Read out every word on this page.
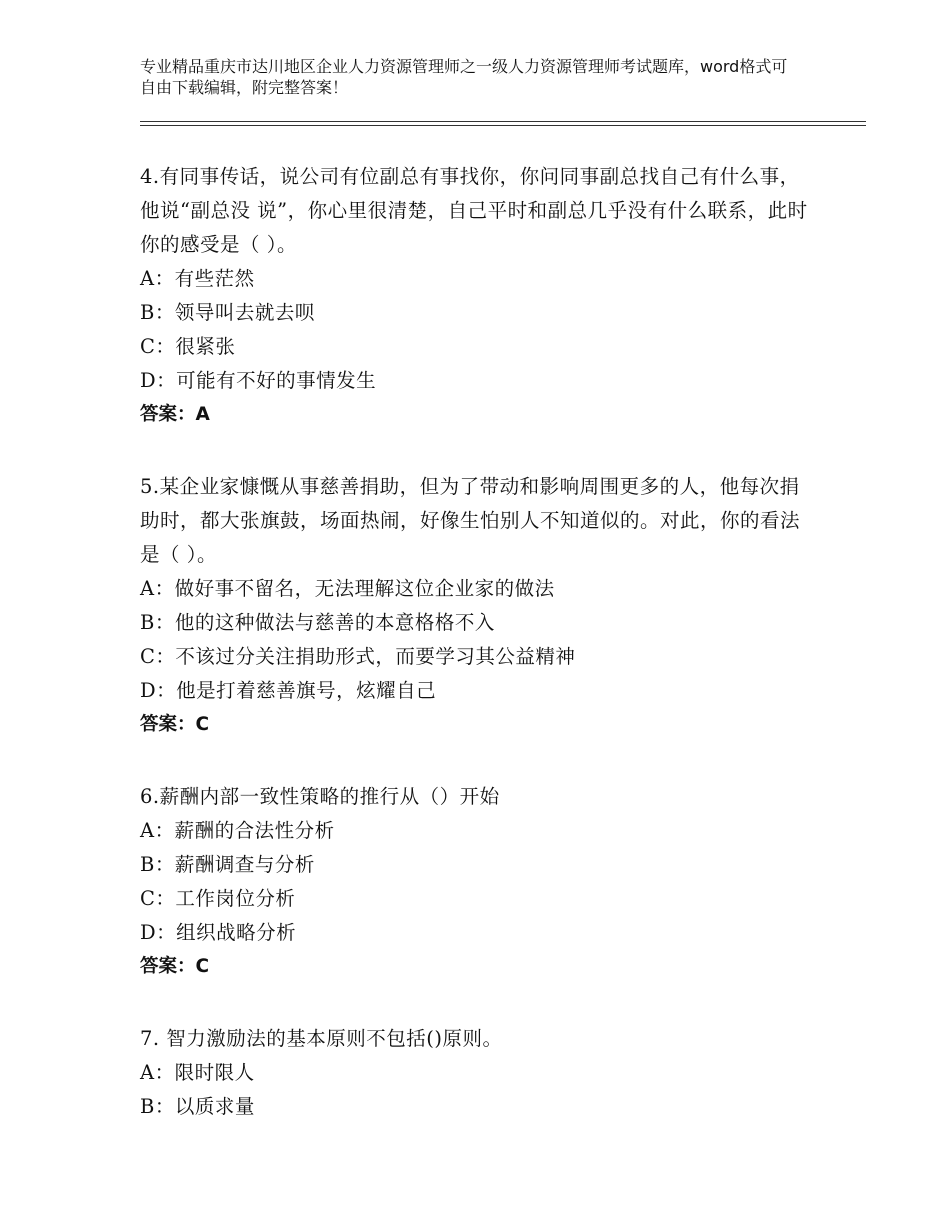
专业精品重庆市达川地区企业人力资源管理师之一级人力资源管理师考试题库，word格式可自由下载编辑，附完整答案！

4.有同事传话，说公司有位副总有事找你，你问同事副总找自己有什么事，他说“副总没 说”，你心里很清楚，自己平时和副总几乎没有什么联系，此时你的感受是（ ）。

A：有些茫然

B：领导叫去就去呗

C：很紧张

D：可能有不好的事情发生

答案：A

5.某企业家慷慨从事慈善捐助，但为了带动和影响周围更多的人，他每次捐助时，都大张旗鼓，场面热闹，好像生怕别人不知道似的。对此，你的看法是（ ）。

A：做好事不留名，无法理解这位企业家的做法

B：他的这种做法与慈善的本意格格不入

C：不该过分关注捐助形式，而要学习其公益精神

D：他是打着慈善旗号，炫耀自己

答案：C

6.薪酬内部一致性策略的推行从（）开始

A：薪酬的合法性分析

B：薪酬调查与分析

C：工作岗位分析

D：组织战略分析

答案：C

7. 智力激励法的基本原则不包括()原则。

A：限时限人

B：以质求量
